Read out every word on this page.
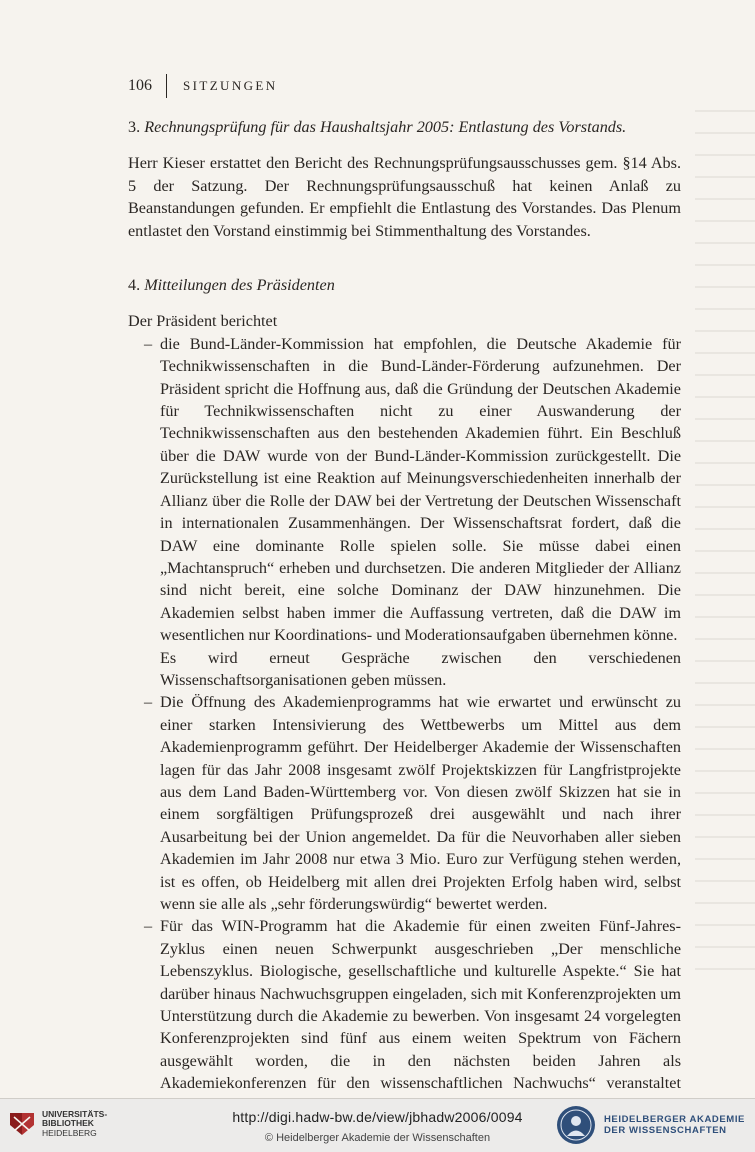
106 SITZUNGEN

3. Rechnungsprüfung für das Haushaltsjahr 2005: Entlastung des Vorstands.

Herr Kieser erstattet den Bericht des Rechnungsprüfungsausschusses gem. §14 Abs. 5 der Satzung. Der Rechnungsprüfungsausschuß hat keinen Anlaß zu Beanstandungen gefunden. Er empfiehlt die Entlastung des Vorstandes. Das Plenum entlastet den Vorstand einstimmig bei Stimmenthaltung des Vorstandes.

4. Mitteilungen des Präsidenten

Der Präsident berichtet

– die Bund-Länder-Kommission hat empfohlen, die Deutsche Akademie für Technikwissenschaften in die Bund-Länder-Förderung aufzunehmen. Der Präsident spricht die Hoffnung aus, daß die Gründung der Deutschen Akademie für Technikwissenschaften nicht zu einer Auswanderung der Technikwissenschaften aus den bestehenden Akademien führt. Ein Beschluß über die DAW wurde von der Bund-Länder-Kommission zurückgestellt. Die Zurückstellung ist eine Reaktion auf Meinungsverschiedenheiten innerhalb der Allianz über die Rolle der DAW bei der Vertretung der Deutschen Wissenschaft in internationalen Zusammenhängen. Der Wissenschaftsrat fordert, daß die DAW eine dominante Rolle spielen solle. Sie müsse dabei einen „Machtanspruch“ erheben und durchsetzen. Die anderen Mitglieder der Allianz sind nicht bereit, eine solche Dominanz der DAW hinzunehmen. Die Akademien selbst haben immer die Auffassung vertreten, daß die DAW im wesentlichen nur Koordinations- und Moderationsaufgaben übernehmen könne.
Es wird erneut Gespräche zwischen den verschiedenen Wissenschaftsorganisationen geben müssen.
– Die Öffnung des Akademienprogramms hat wie erwartet und erwünscht zu einer starken Intensivierung des Wettbewerbs um Mittel aus dem Akademienprogramm geführt. Der Heidelberger Akademie der Wissenschaften lagen für das Jahr 2008 insgesamt zwölf Projektskizzen für Langfristprojekte aus dem Land Baden-Württemberg vor. Von diesen zwölf Skizzen hat sie in einem sorgfältigen Prüfungsprozeß drei ausgewählt und nach ihrer Ausarbeitung bei der Union angemeldet. Da für die Neuvorhaben aller sieben Akademien im Jahr 2008 nur etwa 3 Mio. Euro zur Verfügung stehen werden, ist es offen, ob Heidelberg mit allen drei Projekten Erfolg haben wird, selbst wenn sie alle als „sehr förderungswürdig“ bewertet werden.
– Für das WIN-Programm hat die Akademie für einen zweiten Fünf-Jahres-Zyklus einen neuen Schwerpunkt ausgeschrieben „Der menschliche Lebenszyklus. Biologische, gesellschaftliche und kulturelle Aspekte.“ Sie hat darüber hinaus Nachwuchsgruppen eingeladen, sich mit Konferenzprojekten um Unterstützung durch die Akademie zu bewerben. Von insgesamt 24 vorgelegten Konferenzprojekten sind fünf aus einem weiten Spektrum von Fächern ausgewählt worden, die in den nächsten beiden Jahren als Akademiekonferenzen für den wissenschaftlichen Nachwuchs“ veranstaltet
UNIVERSITÄTS-
BIBLIOTHEK
HEIDELBERG
http://digi.hadw-bw.de/view/jbhadw2006/0094
© Heidelberger Akademie der Wissenschaften
HEIDELBERGER AKADEMIE
DER WISSENSCHAFTEN
